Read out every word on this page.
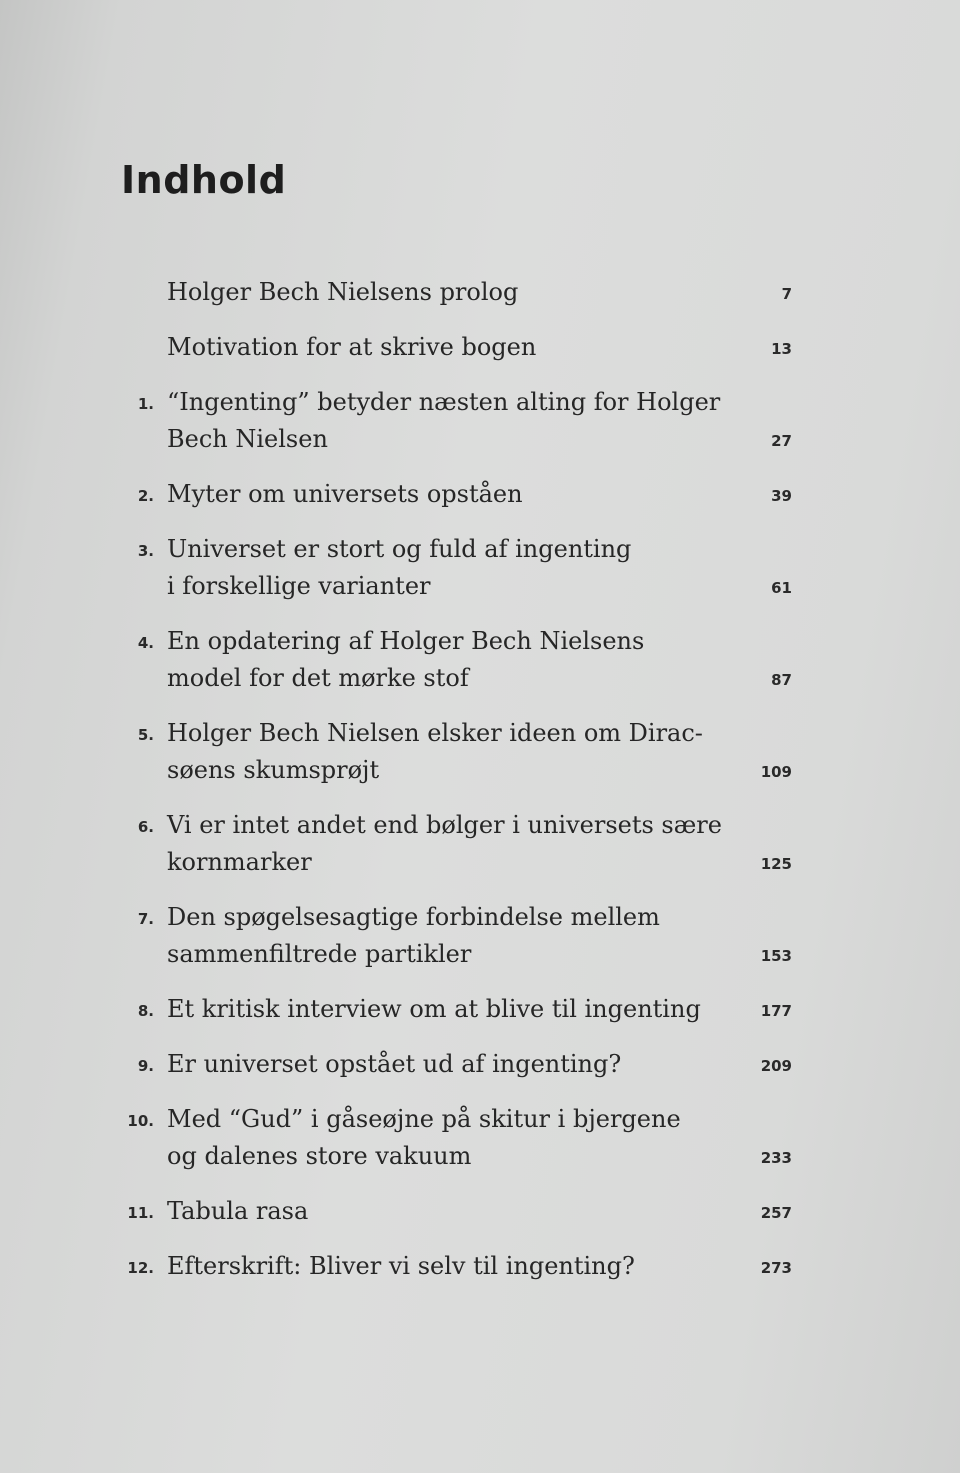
Indhold
Holger Bech Nielsens prolog	7
Motivation for at skrive bogen	13
1. “Ingenting” betyder næsten alting for Holger
Bech Nielsen	27
2. Myter om universets opståen	39
3. Universet er stort og fuld af ingenting
i forskellige varianter	61
4. En opdatering af Holger Bech Nielsens
model for det mørke stof	87
5. Holger Bech Nielsen elsker ideen om Dirac-
søens skumsprøjt	109
6. Vi er intet andet end bølger i universets sære
kornmarker	125
7. Den spøgelsesagtige forbindelse mellem
sammenfiltrede partikler	153
8. Et kritisk interview om at blive til ingenting	177
9. Er universet opstået ud af ingenting?	209
10. Med “Gud” i gåseøjne på skitur i bjergene
og dalenes store vakuum	233
11. Tabula rasa	257
12. Efterskrift: Bliver vi selv til ingenting?	273
